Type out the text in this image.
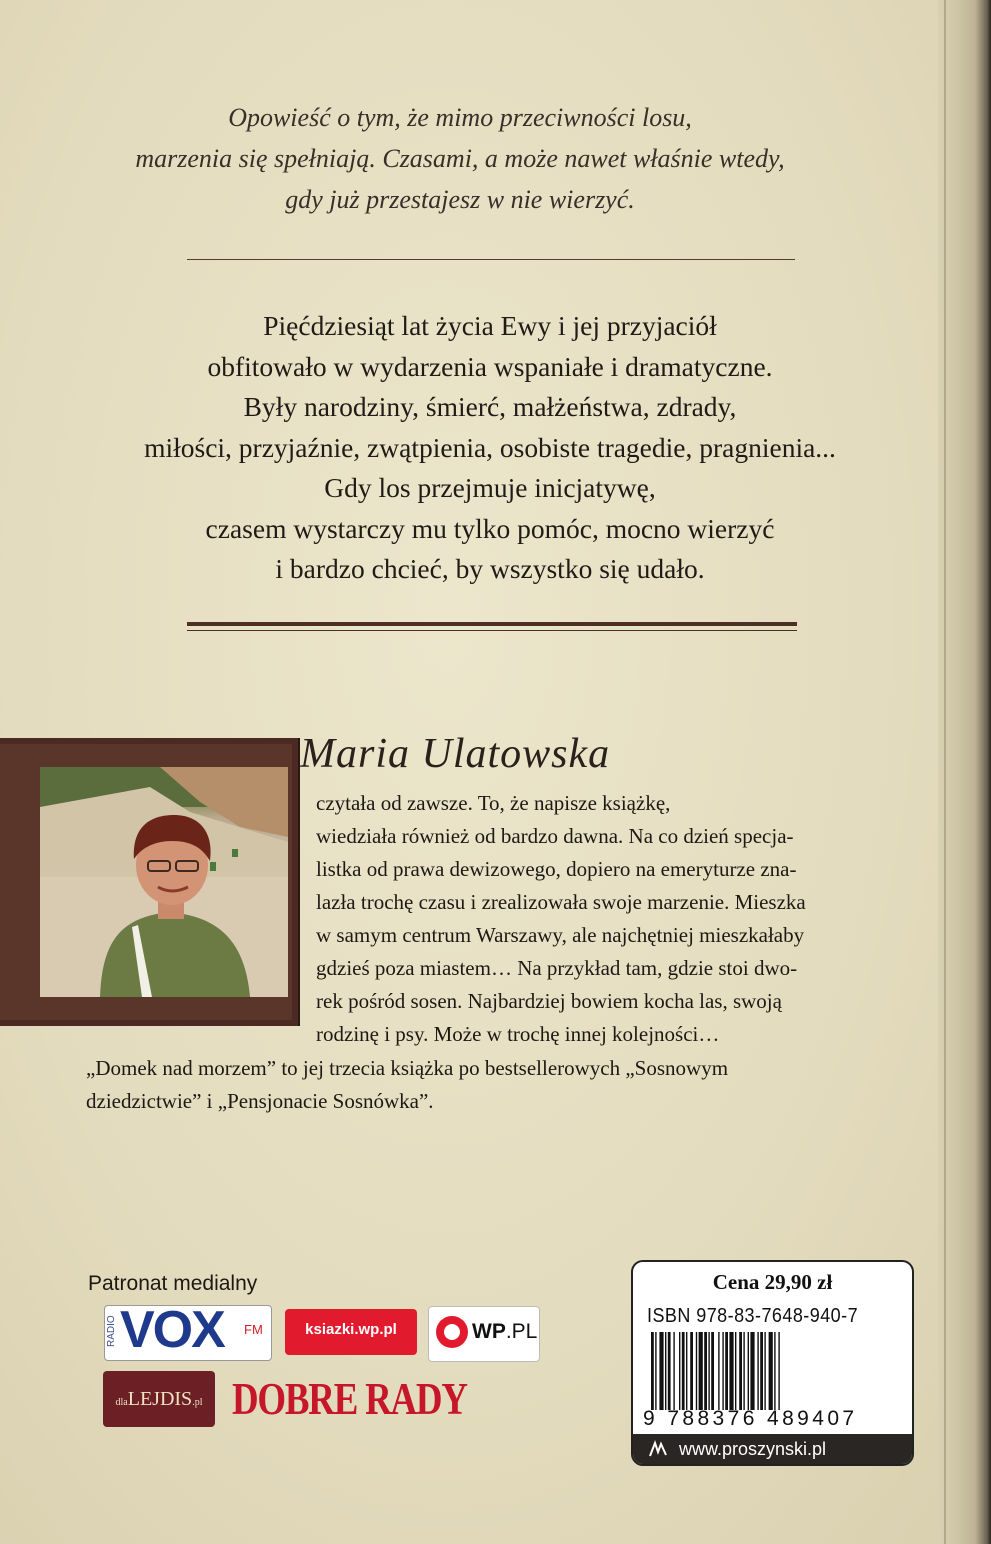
Opowieść o tym, że mimo przeciwności losu,
marzenia się spełniają. Czasami, a może nawet właśnie wtedy,
gdy już przestajesz w nie wierzyć.
Pięćdziesiąt lat życia Ewy i jej przyjaciół
obfitowało w wydarzenia wspaniałe i dramatyczne.
Były narodziny, śmierć, małżeństwa, zdrady,
miłości, przyjaźnie, zwątpienia, osobiste tragedie, pragnienia...
Gdy los przejmuje inicjatywę,
czasem wystarczy mu tylko pomóc, mocno wierzyć
i bardzo chcieć, by wszystko się udało.
Maria Ulatowska
czytała od zawsze. To, że napisze książkę,
wiedziała również od bardzo dawna. Na co dzień specja-
listka od prawa dewizowego, dopiero na emeryturze zna-
lazła trochę czasu i zrealizowała swoje marzenie. Mieszka
w samym centrum Warszawy, ale najchętniej mieszkałaby
gdzieś poza miastem… Na przykład tam, gdzie stoi dwo-
rek pośród sosen. Najbardziej bowiem kocha las, swoją
rodzinę i psy. Może w trochę innej kolejności…
„Domek nad morzem” to jej trzecia książka po bestsellerowych „Sosnowym
dziedzictwie” i „Pensjonacie Sosnówka”.
Patronat medialny
RADIO VOX FM	ksiazki.wp.pl	WP.PL
dlaLEJDIS.pl DOBRE RADY
Cena 29,90 zł
ISBN 978-83-7648-940-7
9 788376 489407
www.proszynski.pl
